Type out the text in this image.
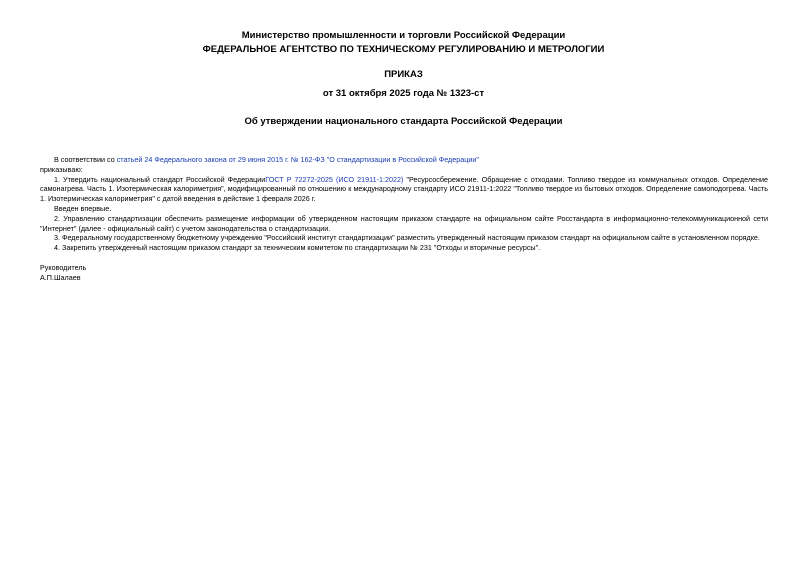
Министерство промышленности и торговли Российской Федерации
ФЕДЕРАЛЬНОЕ АГЕНТСТВО ПО ТЕХНИЧЕСКОМУ РЕГУЛИРОВАНИЮ И МЕТРОЛОГИИ
ПРИКАЗ
от 31 октября 2025 года № 1323-ст
Об утверждении национального стандарта Российской Федерации

В соответствии со статьей 24 Федерального закона от 29 июня 2015 г. № 162-ФЗ "О стандартизации в Российской Федерации"

приказываю:

1. Утвердить национальный стандарт Российской ФедерацииГОСТ Р 72272-2025 (ИСО 21911-1:2022) "Ресурсосбережение. Обращение с отходами. Топливо твердое из коммунальных отходов. Определение самонагрева. Часть 1. Изотермическая калориметрия", модифицированный по отношению к международному стандарту ИСО 21911-1:2022 "Топливо твердое из бытовых отходов. Определение самоподогрева. Часть 1. Изотермическая калориметрия" с датой введения в действие 1 февраля 2026 г.

Введен впервые.

2. Управлению стандартизации обеспечить размещение информации об утвержденном настоящим приказом стандарте на официальном сайте Росстандарта в информационно-телекоммуникационной сети "Интернет" (далее - официальный сайт) с учетом законодательства о стандартизации.

3. Федеральному государственному бюджетному учреждению "Российский институт стандартизации" разместить утвержденный настоящим приказом стандарт на официальном сайте в установленном порядке.

4. Закрепить утвержденный настоящим приказом стандарт за техническим комитетом по стандартизации № 231 "Отходы и вторичные ресурсы".

Руководитель

А.П.Шалаев
